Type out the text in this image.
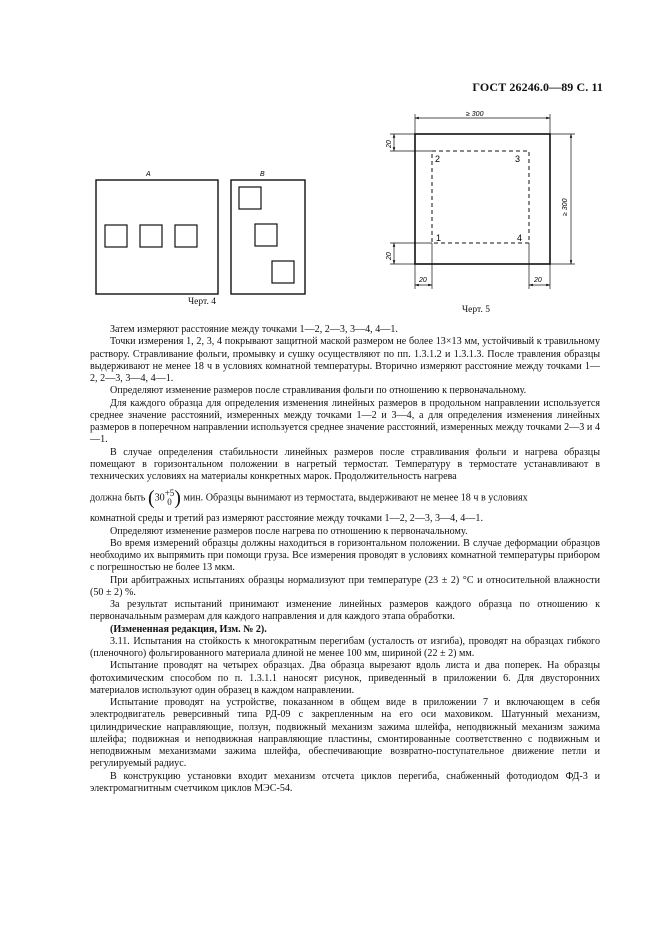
ГОСТ 26246.0—89 С. 11
A	B
Черт. 4
≥ 300
≥ 300
20
20
20	20
2	3
1	4
Черт. 5

Затем измеряют расстояние между точками 1—2, 2—3, 3—4, 4—1.

Точки измерения 1, 2, 3, 4 покрывают защитной маской размером не более 13×13 мм, устойчивый к травильному раствору. Стравливание фольги, промывку и сушку осуществляют по пп. 1.3.1.2 и 1.3.1.3. После травления образцы выдерживают не менее 18 ч в условиях комнатной температуры. Вторично измеряют расстояние между точками 1—2, 2—3, 3—4, 4—1.

Определяют изменение размеров после стравливания фольги по отношению к первоначальному.

Для каждого образца для определения изменения линейных размеров в продольном направлении используется среднее значение расстояний, измеренных между точками 1—2 и 3—4, а для определения изменения линейных размеров в поперечном направлении используется среднее значение расстояний, измеренных между точками 2—3 и 4—1.

В случае определения стабильности линейных размеров после стравливания фольги и нагрева образцы помещают в горизонтальном положении в нагретый термостат. Температуру в термостате устанавливают в технических условиях на материалы конкретных марок. Продолжительность нагрева

должна быть (30+5
0 ) мин. Образцы вынимают из термостата, выдерживают не менее 18 ч в условиях

комнатной среды и третий раз измеряют расстояние между точками 1—2, 2—3, 3—4, 4—1.

Определяют изменение размеров после нагрева по отношению к первоначальному.

Во время измерений образцы должны находиться в горизонтальном положении. В случае деформации образцов необходимо их выпрямить при помощи груза. Все измерения проводят в условиях комнатной температуры прибором с погрешностью не более 13 мкм.

При арбитражных испытаниях образцы нормализуют при температуре (23 ± 2) °С и относительной влажности (50 ± 2) %.

За результат испытаний принимают изменение линейных размеров каждого образца по отношению к первоначальным размерам для каждого направления и для каждого этапа обработки.

(Измененная редакция, Изм. № 2).

3.11. Испытания на стойкость к многократным перегибам (усталость от изгиба), проводят на образцах гибкого (пленочного) фольгированного материала длиной не менее 100 мм, шириной (22 ± 2) мм.

Испытание проводят на четырех образцах. Два образца вырезают вдоль листа и два поперек. На образцы фотохимическим способом по п. 1.3.1.1 наносят рисунок, приведенный в приложении 6. Для двусторонних материалов используют один образец в каждом направлении.

Испытание проводят на устройстве, показанном в общем виде в приложении 7 и включающем в себя электродвигатель реверсивный типа РД-09 с закрепленным на его оси маховиком. Шатунный механизм, цилиндрические направляющие, ползун, подвижный механизм зажима шлейфа, неподвижный механизм зажима шлейфа; подвижная и неподвижная направляющие пластины, смонтированные соответственно с подвижным и неподвижным механизмами зажима шлейфа, обеспечивающие возвратно-поступательное движение петли и регулируемый радиус.

В конструкцию установки входит механизм отсчета циклов перегиба, снабженный фотодиодом ФД-3 и электромагнитным счетчиком циклов МЭС-54.
